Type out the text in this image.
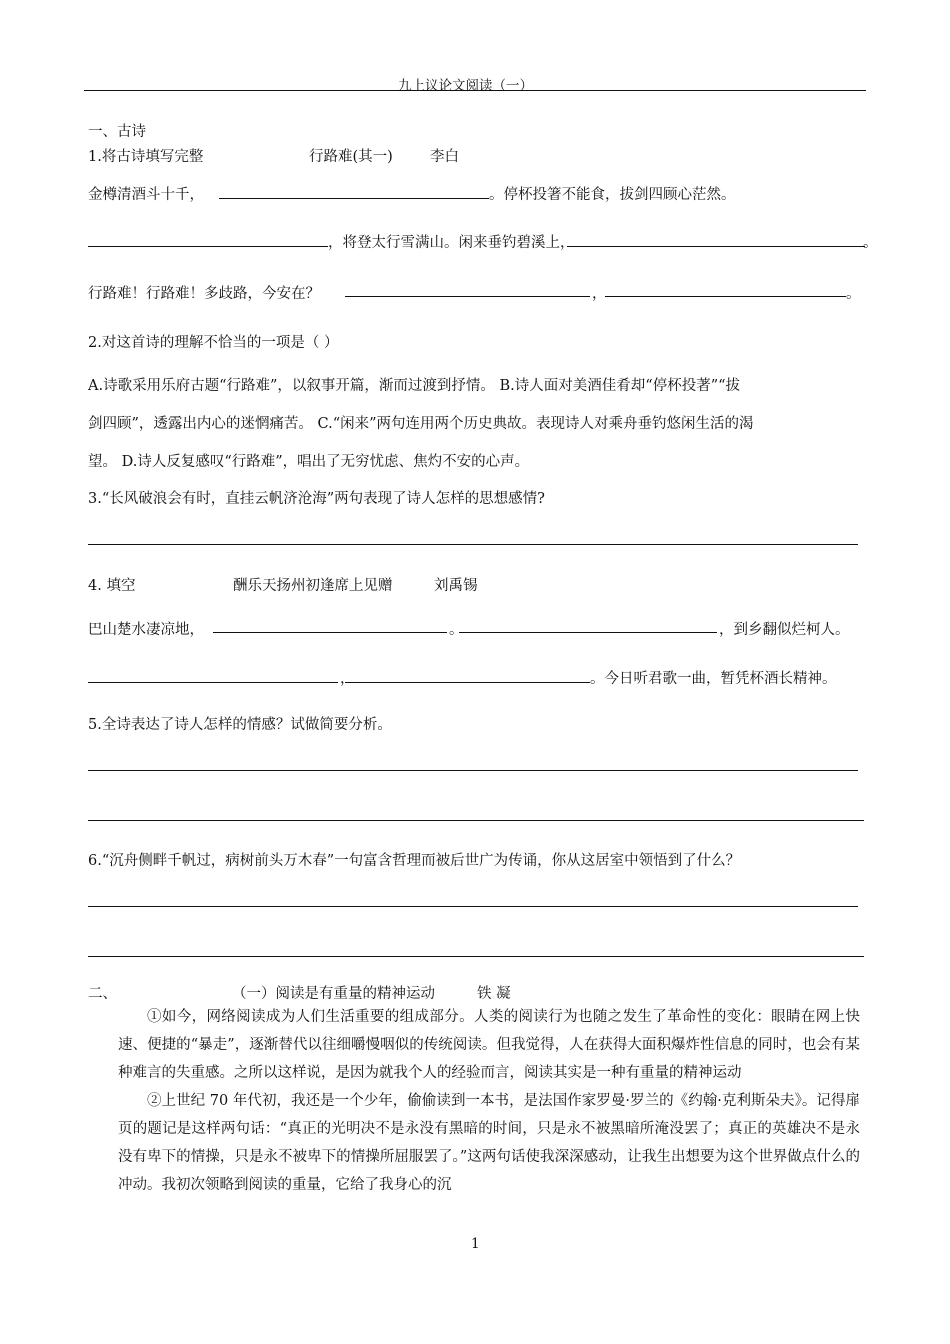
九上议论文阅读（一）
一、古诗
1.将古诗填写完整	行路难(其一)	李白
金樽清酒斗十千，	。停杯投箸不能食，拔剑四顾心茫然。
，将登太行雪满山。闲来垂钓碧溪上，	。
行路难！行路难！多歧路，今安在？	，	。
2.对这首诗的理解不恰当的一项是（ ）
A.诗歌采用乐府古题“行路难”，以叙事开篇，渐而过渡到抒情。 B.诗人面对美酒佳肴却“停杯投著”“拔
剑四顾”，透露出内心的迷惘痛苦。 C.“闲来”两句连用两个历史典故。表现诗人对乘舟垂钓悠闲生活的渴
望。 D.诗人反复感叹“行路难”，唱出了无穷忧虑、焦灼不安的心声。
3.“长风破浪会有时，直挂云帆济沧海”两句表现了诗人怎样的思想感情?
4. 填空	酬乐天扬州初逢席上见赠	刘禹锡
巴山楚水凄凉地，	。	，到乡翻似烂柯人。
，	。今日听君歌一曲，暂凭杯酒长精神。
5.全诗表达了诗人怎样的情感？试做简要分析。
6.“沉舟侧畔千帆过，病树前头万木春”一句富含哲理而被后世广为传诵，你从这居室中领悟到了什么？
二、	（一）阅读是有重量的精神运动	铁 凝

①如今，网络阅读成为人们生活重要的组成部分。人类的阅读行为也随之发生了革命性的变化：眼睛在网上快速、便捷的“暴走”，逐渐替代以往细嚼慢咽似的传统阅读。但我觉得，人在获得大面积爆炸性信息的同时，也会有某种难言的失重感。之所以这样说，是因为就我个人的经验而言，阅读其实是一种有重量的精神运动

②上世纪 70 年代初，我还是一个少年，偷偷读到一本书，是法国作家罗曼·罗兰的《约翰·克利斯朵夫》。记得扉页的题记是这样两句话：“真正的光明决不是永没有黑暗的时间，只是永不被黑暗所淹没罢了；真正的英雄决不是永没有卑下的情操，只是永不被卑下的情操所屈服罢了。”这两句话使我深深感动，让我生出想要为这个世界做点什么的冲动。我初次领略到阅读的重量，它给了我身心的沉

1
